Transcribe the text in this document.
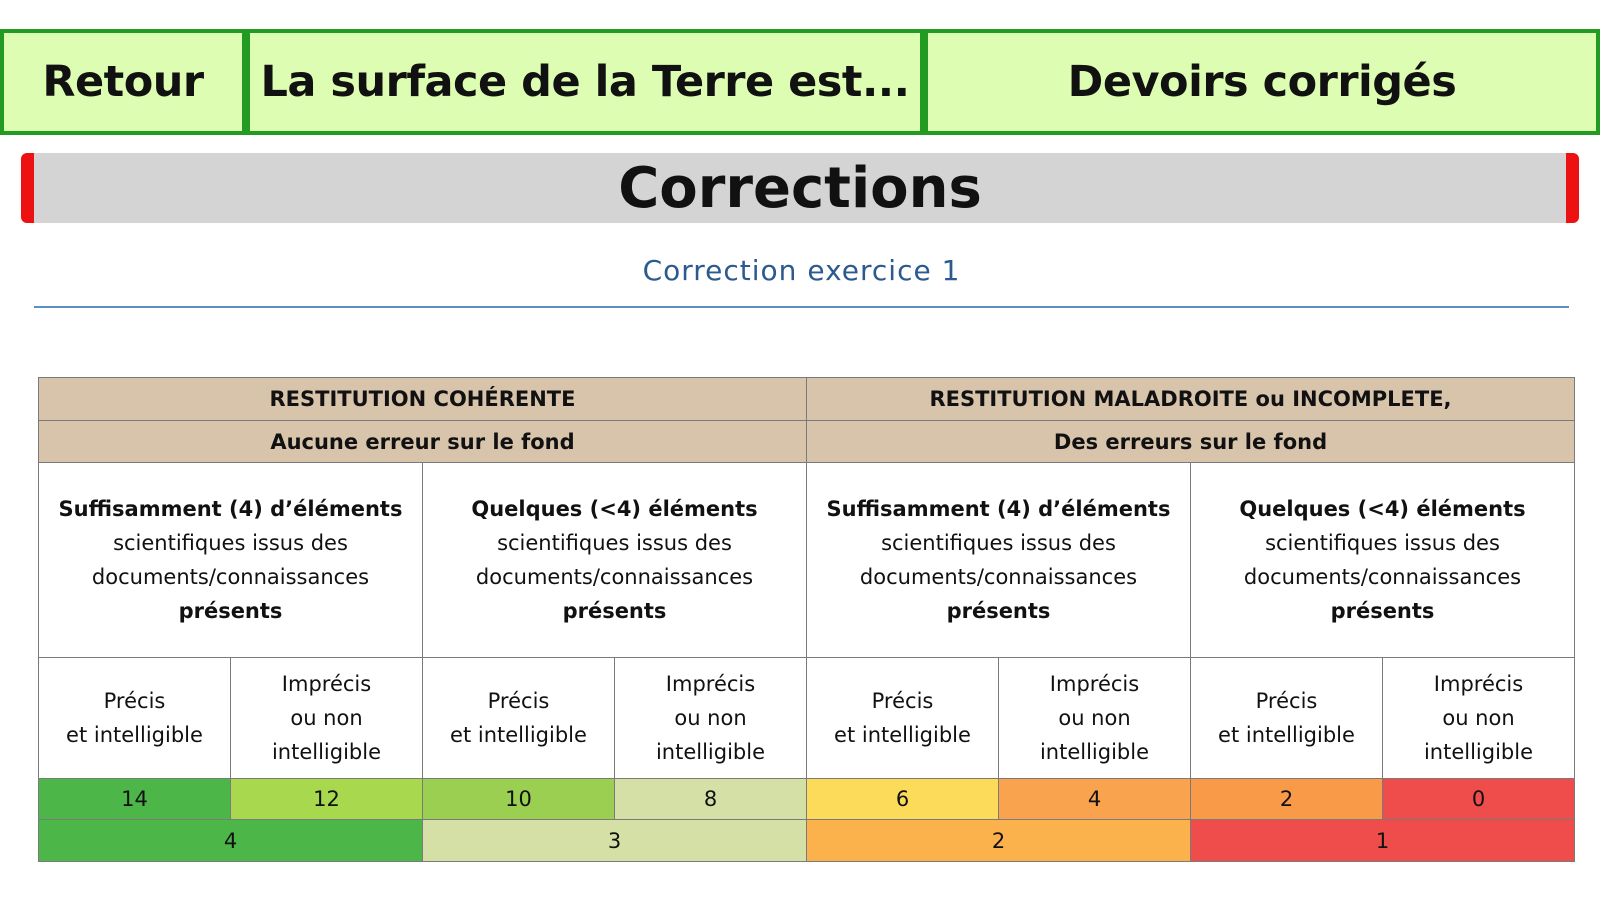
Retour La surface de la Terre est...	Devoirs corrigés
Corrections
Correction exercice 1
RESTITUTION COHÉRENTE				RESTITUTION MALADROITE ou INCOMPLETE,			
Aucune erreur sur le fond				Des erreurs sur le fond			
Suffisamment (4) d’éléments
scientifiques issus des documents/connaissances
présents		Quelques (<4) éléments
scientifiques issus des documents/connaissances
présents		Suffisamment (4) d’éléments
scientifiques issus des documents/connaissances
présents		Quelques (<4) éléments
scientifiques issus des documents/connaissances
présents	
Précis
et intelligible	Imprécis
ou non
intelligible	Précis
et intelligible	Imprécis
ou non
intelligible	Précis
et intelligible	Imprécis
ou non
intelligible	Précis
et intelligible	Imprécis
ou non
intelligible
14	12	10	8	6	4	2	0
4		3		2		1	
